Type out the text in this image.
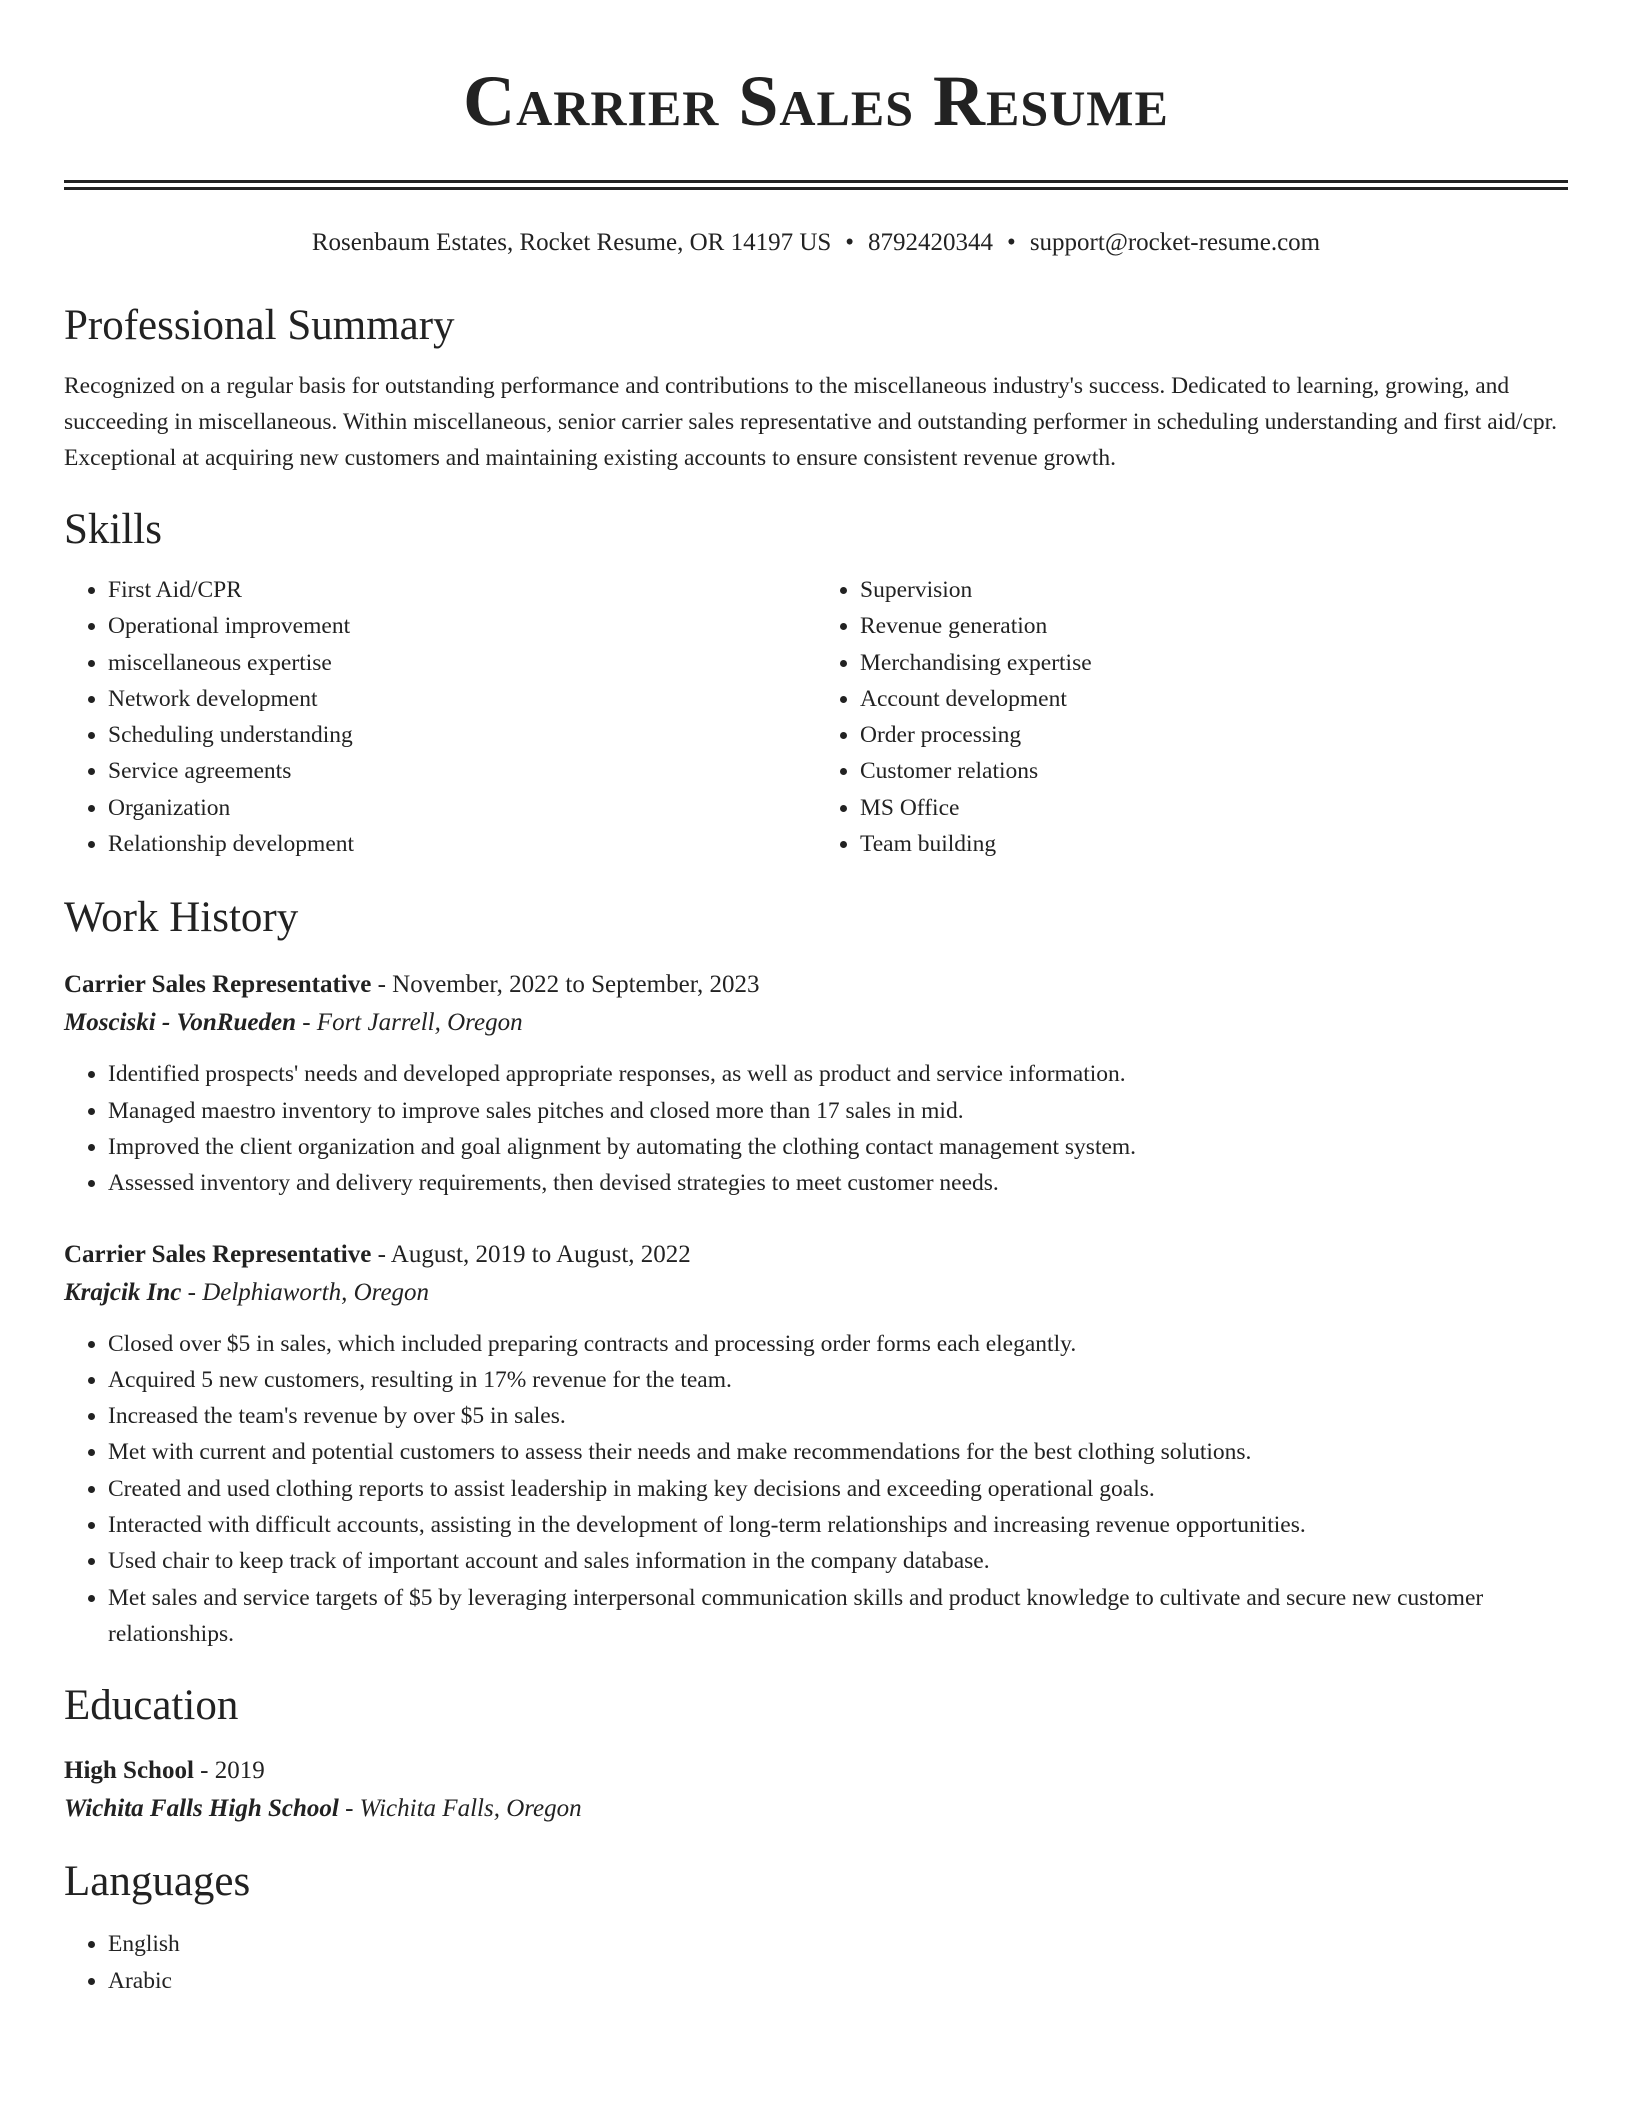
Carrier Sales Resume
Rosenbaum Estates, Rocket Resume, OR 14197 US • 8792420344 • support@rocket-resume.com
Professional Summary

Recognized on a regular basis for outstanding performance and contributions to the miscellaneous industry's success. Dedicated to learning, growing, and succeeding in miscellaneous. Within miscellaneous, senior carrier sales representative and outstanding performer in scheduling understanding and first aid/cpr. Exceptional at acquiring new customers and maintaining existing accounts to ensure consistent revenue growth.

Skills
• First Aid/CPR
• Operational improvement
• miscellaneous expertise
• Network development
• Scheduling understanding
• Service agreements
• Organization
• Relationship development
• Supervision
• Revenue generation
• Merchandising expertise
• Account development
• Order processing
• Customer relations
• MS Office
• Team building
Work History
Carrier Sales Representative - November, 2022 to September, 2023
Mosciski - VonRueden - Fort Jarrell, Oregon
• Identified prospects' needs and developed appropriate responses, as well as product and service information.
• Managed maestro inventory to improve sales pitches and closed more than 17 sales in mid.
• Improved the client organization and goal alignment by automating the clothing contact management system.
• Assessed inventory and delivery requirements, then devised strategies to meet customer needs.
Carrier Sales Representative - August, 2019 to August, 2022
Krajcik Inc - Delphiaworth, Oregon
• Closed over $5 in sales, which included preparing contracts and processing order forms each elegantly.
• Acquired 5 new customers, resulting in 17% revenue for the team.
• Increased the team's revenue by over $5 in sales.
• Met with current and potential customers to assess their needs and make recommendations for the best clothing solutions.
• Created and used clothing reports to assist leadership in making key decisions and exceeding operational goals.
• Interacted with difficult accounts, assisting in the development of long-term relationships and increasing revenue opportunities.
• Used chair to keep track of important account and sales information in the company database.
• Met sales and service targets of $5 by leveraging interpersonal communication skills and product knowledge to cultivate and secure new customer relationships.
Education
High School - 2019
Wichita Falls High School - Wichita Falls, Oregon
Languages
• English
• Arabic
